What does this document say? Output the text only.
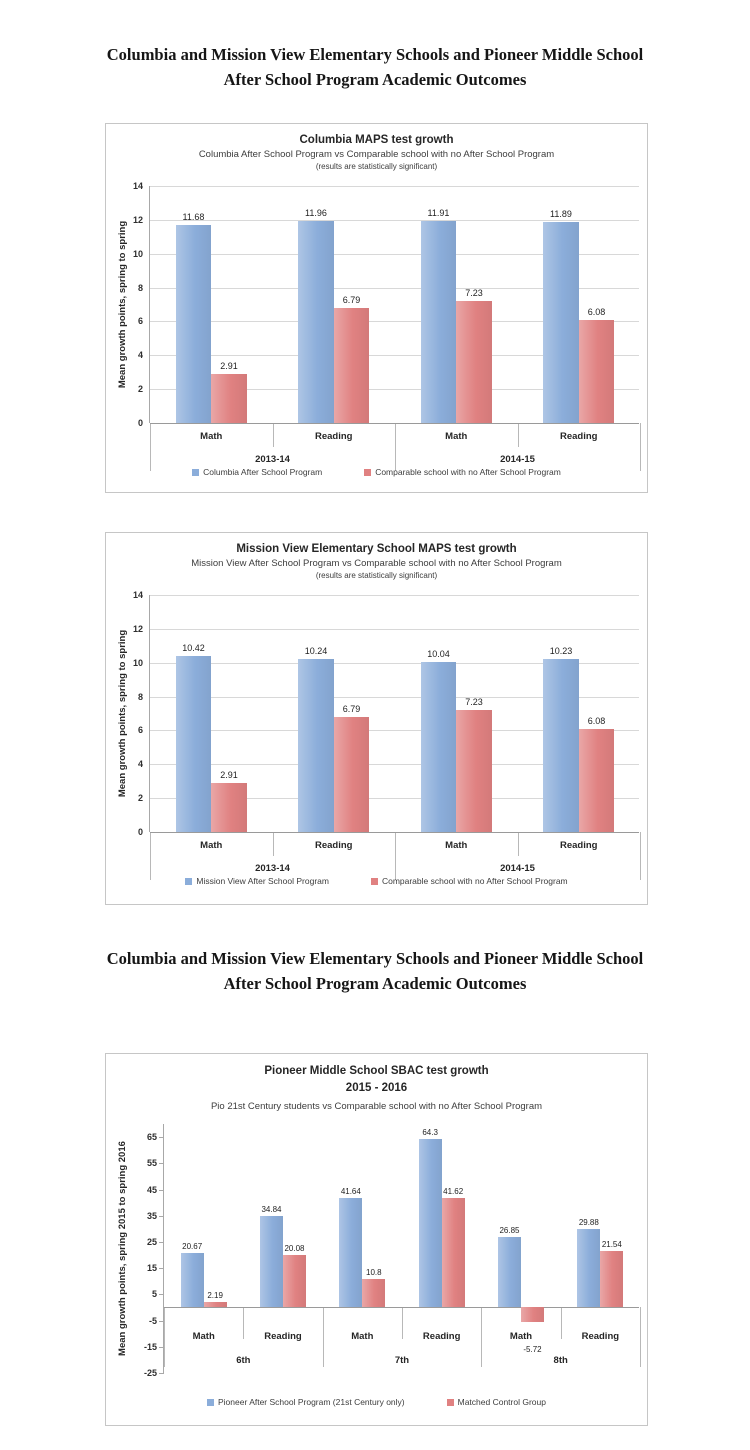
Columbia and Mission View Elementary Schools and Pioneer Middle School
After School Program Academic Outcomes
Columbia MAPS test growth
Columbia After School Program vs Comparable school with no After School Program
(results are statistically significant)
Mean growth points, spring to spring
14
12
10
8
6
4
2
0
11.68	11.96	11.91	11.89
2.91
6.79
7.23
6.08
Math	Reading	Math	Reading
2013-14	2014-15
Columbia After School Program	Comparable school with no After School Program
Mission View Elementary School MAPS test growth
Mission View After School Program vs Comparable school with no After School Program
(results are statistically significant)
Mean growth points, spring to spring
14
12
10
8
6
4
2
0
10.42	10.24	10.04	10.23
2.91
6.79
7.23
6.08
Math	Reading	Math	Reading
2013-14	2014-15
Mission View After School Program	Comparable school with no After School Program
Columbia and Mission View Elementary Schools and Pioneer Middle School
After School Program Academic Outcomes
Pioneer Middle School SBAC test growth
2015 - 2016
Pio 21st Century students vs Comparable school with no After School Program
Mean growth points, spring 2015 to spring 2016
65
55
45
35
25
15
5
-5
-15
-25
20.67
34.84
41.64
64.3
26.85
29.88
2.19
20.08
10.8
41.62
-5.72
21.54
Math	Reading	Math	Reading	Math	Reading
6th	7th	8th
Pioneer After School Program (21st Century only)	Matched Control Group
